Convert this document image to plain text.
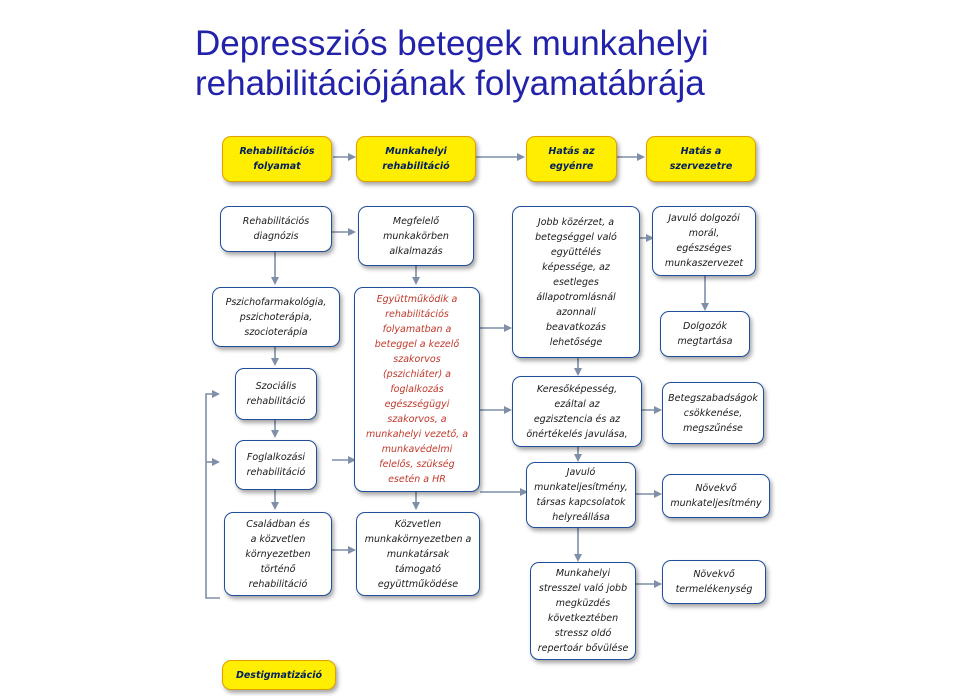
Depressziós betegek munkahelyi
rehabilitációjának folyamatábrája
Rehabilitációs
folyamat
Munkahelyi
rehabilitáció
Hatás az
egyénre
Hatás a
szervezetre
Rehabilitációs
diagnózis
Pszichofarmakológia,
pszichoterápia,
szocioterápia
Szociális
rehabilitáció
Foglalkozási
rehabilitáció
Családban és
a közvetlen
környezetben
történő
rehabilitáció
Megfelelő
munkakörben
alkalmazás
Együttműködik a
rehabilitációs
folyamatban a
beteggel a kezelő
szakorvos
(pszichiáter) a
foglalkozás
egészségügyi
szakorvos, a
munkahelyi vezető, a
munkavédelmi
felelős, szükség
esetén a HR
Közvetlen
munkakörnyezetben a
munkatársak
támogató
együttműködése
Jobb közérzet, a
betegséggel való
együttélés
képessége, az
esetleges
állapotromlásnál
azonnali
beavatkozás
lehetősége
Keresőképesség,
ezáltal az
egzisztencia és az
önértékelés javulása,
Javuló
munkateljesítmény,
társas kapcsolatok
helyreállása
Munkahelyi
stresszel való jobb
megküzdés
következtében
stressz oldó
repertoár bővülése
Javuló dolgozói
morál,
egészséges
munkaszervezet
Dolgozók
megtartása
Betegszabadságok
csökkenése,
megszűnése
Növekvő
munkateljesítmény
Növekvő
termelékenység
Destigmatizáció
